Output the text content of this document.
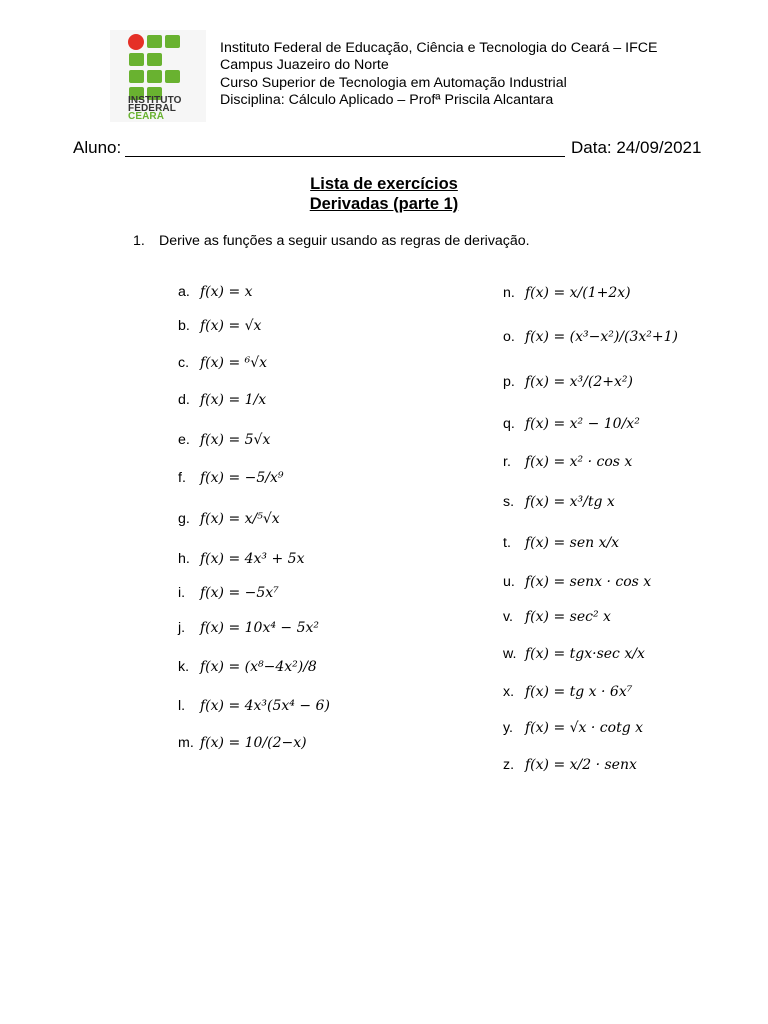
INSTITUTO
FEDERAL
CEARÁ
Instituto Federal de Educação, Ciência e Tecnologia do Ceará – IFCE
Campus Juazeiro do Norte
Curso Superior de Tecnologia em Automação Industrial
Disciplina: Cálculo Aplicado – Profª Priscila Alcantara
Aluno:	Data: 24/09/2021
Lista de exercícios
Derivadas (parte 1)
1. Derive as funções a seguir usando as regras de derivação.
a. f(x) = x
b. f(x) = √x
c. f(x) = ⁶√x
d. f(x) = 1/x
e. f(x) = 5√x
f.	f(x) = −5/x⁹
g. f(x) = x/⁵√x
h. f(x) = 4x³ + 5x
i.	f(x) = −5x⁷
j.	f(x) = 10x⁴ − 5x²
k. f(x) = (x⁸−4x²)/8
l.	f(x) = 4x³(5x⁴ − 6)
m. f(x) = 10/(2−x)
n. f(x) = x/(1+2x)
o. f(x) = (x³−x²)/(3x²+1)
p. f(x) = x³/(2+x²)
q. f(x) = x² − 10/x²
r.	f(x) = x² · cos x
s. f(x) = x³/tg x
t.	f(x) = sen x/x
u. f(x) = senx · cos x
v. f(x) = sec² x
w. f(x) = tgx·sec x/x
x. f(x) = tg x · 6x⁷
y. f(x) = √x · cotg x
z. f(x) = x/2 · senx
